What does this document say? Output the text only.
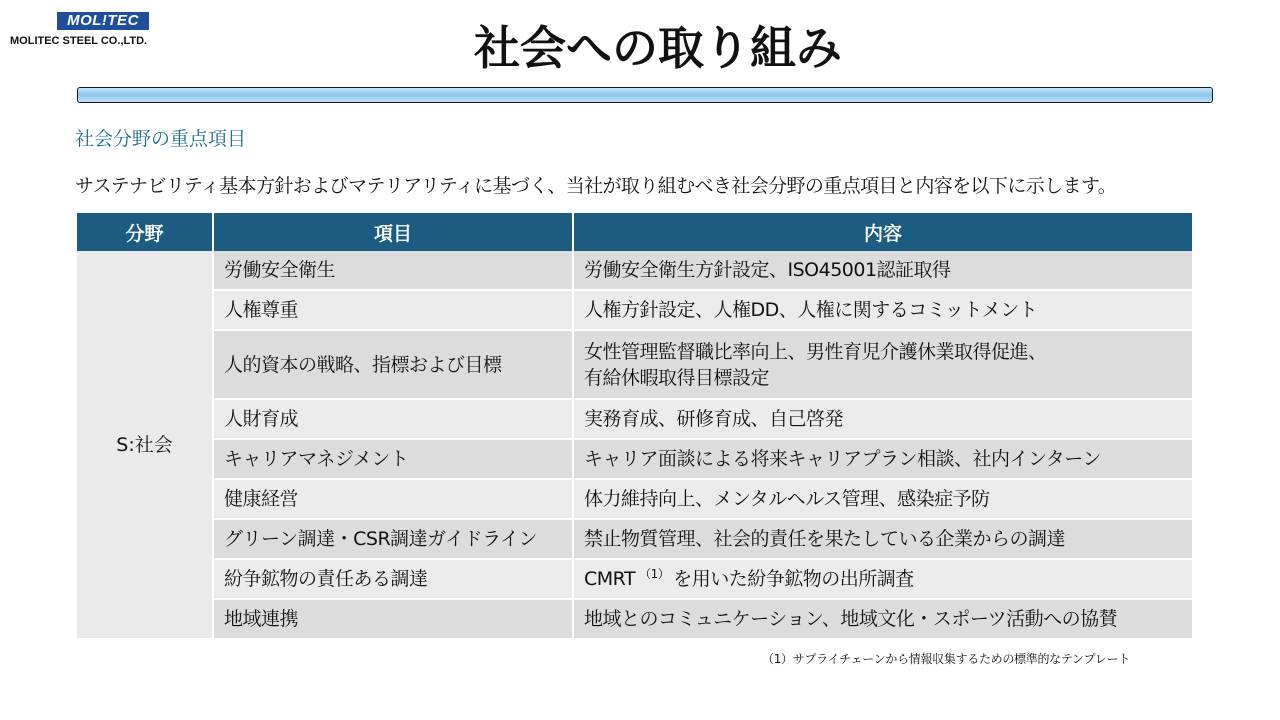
MOL!TEC
MOLITEC STEEL CO.,LTD.	社会への取り組み
社会分野の重点項目
サステナビリティ基本方針およびマテリアリティに基づく、当社が取り組むべき社会分野の重点項目と内容を以下に示します。
分野	項目	内容
S:社会	労働安全衛生	労働安全衛生方針設定、ISO45001認証取得
	人権尊重	人権方針設定、人権DD、人権に関するコミットメント
	人的資本の戦略、指標および目標	女性管理監督職比率向上、男性育児介護休業取得促進、
有給休暇取得目標設定

	人財育成	実務育成、研修育成、自己啓発
	キャリアマネジメント	キャリア面談による将来キャリアプラン相談、社内インターン
	健康経営	体力維持向上、メンタルヘルス管理、感染症予防
	グリーン調達・CSR調達ガイドライン	禁止物質管理、社会的責任を果たしている企業からの調達
	紛争鉱物の責任ある調達	CMRT $^{(1)}$ を用いた紛争鉱物の出所調査
	地域連携	地域とのコミュニケーション、地域文化・スポーツ活動への協賛
（1）サプライチェーンから情報収集するための標準的なテンプレート
